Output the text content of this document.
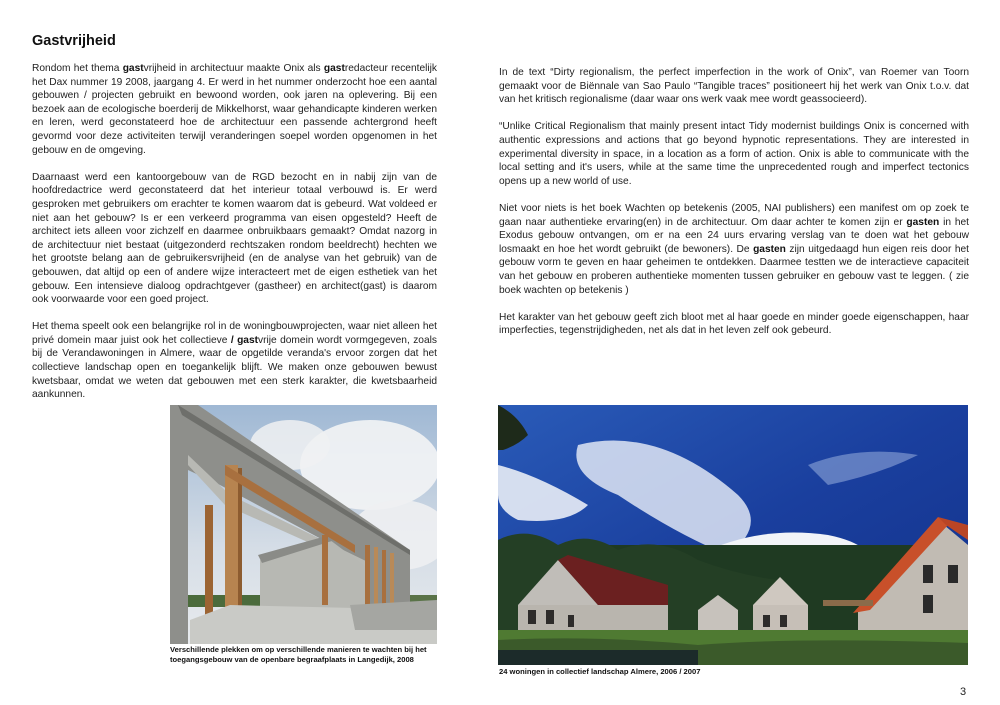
Gastvrijheid

Rondom het thema gastvrijheid in architectuur maakte Onix als gastredacteur recentelijk het Dax nummer 19 2008, jaargang 4. Er werd in het nummer onderzocht hoe een aantal gebouwen / projecten gebruikt en bewoond worden, ook jaren na oplevering. Bij een bezoek aan de ecologische boerderij de Mikkelhorst, waar gehandicapte kinderen werken en leren, werd geconstateerd hoe de architectuur een passende achtergrond heeft gevormd voor deze activiteiten terwijl veranderingen soepel worden opgenomen in het gebouw en de omgeving.

Daarnaast werd een kantoorgebouw van de RGD bezocht en in nabij zijn van de hoofdredactrice werd geconstateerd dat het interieur totaal verbouwd is. Er werd gesproken met gebruikers om erachter te komen waarom dat is gebeurd. Wat voldeed er niet aan het gebouw? Is er een verkeerd programma van eisen opgesteld? Heeft de architect iets alleen voor zichzelf en daarmee onbruikbaars gemaakt? Omdat nazorg in de architectuur niet bestaat (uitgezonderd rechtszaken rondom beeldrecht) hechten we het grootste belang aan de gebruikersvrijheid (en de analyse van het gebruik) van de gebouwen, dat altijd op een of andere wijze interacteert met de eigen esthetiek van het gebouw. Een intensieve dialoog opdrachtgever (gastheer) en architect(gast) is daarom ook voorwaarde voor een goed project.

Het thema speelt ook een belangrijke rol in de woningbouwprojecten, waar niet alleen het privé domein maar juist ook het collectieve / gastvrije domein wordt vormgegeven, zoals bij de Verandawoningen in Almere, waar de opgetilde veranda's ervoor zorgen dat het collectieve landschap open en toegankelijk blijft. We maken onze gebouwen bewust kwetsbaar, omdat we weten dat gebouwen met een sterk karakter, die kwetsbaarheid aankunnen.

In de text “Dirty regionalism, the perfect imperfection in the work of Onix”, van Roemer van Toorn gemaakt voor de Biënnale van Sao Paulo “Tangible traces” positioneert hij het werk van Onix t.o.v. dat van het kritisch regionalisme (daar waar ons werk vaak mee wordt geassocieerd).

“Unlike Critical Regionalism that mainly present intact Tidy modernist buildings Onix is concerned with authentic expressions and actions that go beyond hypnotic representations. They are interested in experimental diversity in space, in a location as a form of action. Onix is able to communicate with the local setting and it's users, while at the same time the unprecedented rough and imperfect tectonics opens up a new world of use.

Niet voor niets is het boek Wachten op betekenis (2005, NAI publishers) een manifest om op zoek te gaan naar authentieke ervaring(en) in de architectuur. Om daar achter te komen zijn er gasten in het Exodus gebouw ontvangen, om er na een 24 uurs ervaring verslag van te doen wat het gebouw losmaakt en hoe het wordt gebruikt (de bewoners). De gasten zijn uitgedaagd hun eigen reis door het gebouw vorm te geven en haar geheimen te ontdekken. Daarmee testten we de interactieve capaciteit van het gebouw en proberen authentieke momenten tussen gebruiker en gebouw vast te leggen. ( zie boek wachten op betekenis )

Het karakter van het gebouw geeft zich bloot met al haar goede en minder goede eigenschappen, haar imperfecties, tegenstrijdigheden, net als dat in het leven zelf ook gebeurd.

Verschillende plekken om op verschillende manieren te wachten bij het toegangsgebouw van de openbare begraafplaats in Langedijk, 2008
24 woningen in collectief landschap Almere, 2006 / 2007
3
